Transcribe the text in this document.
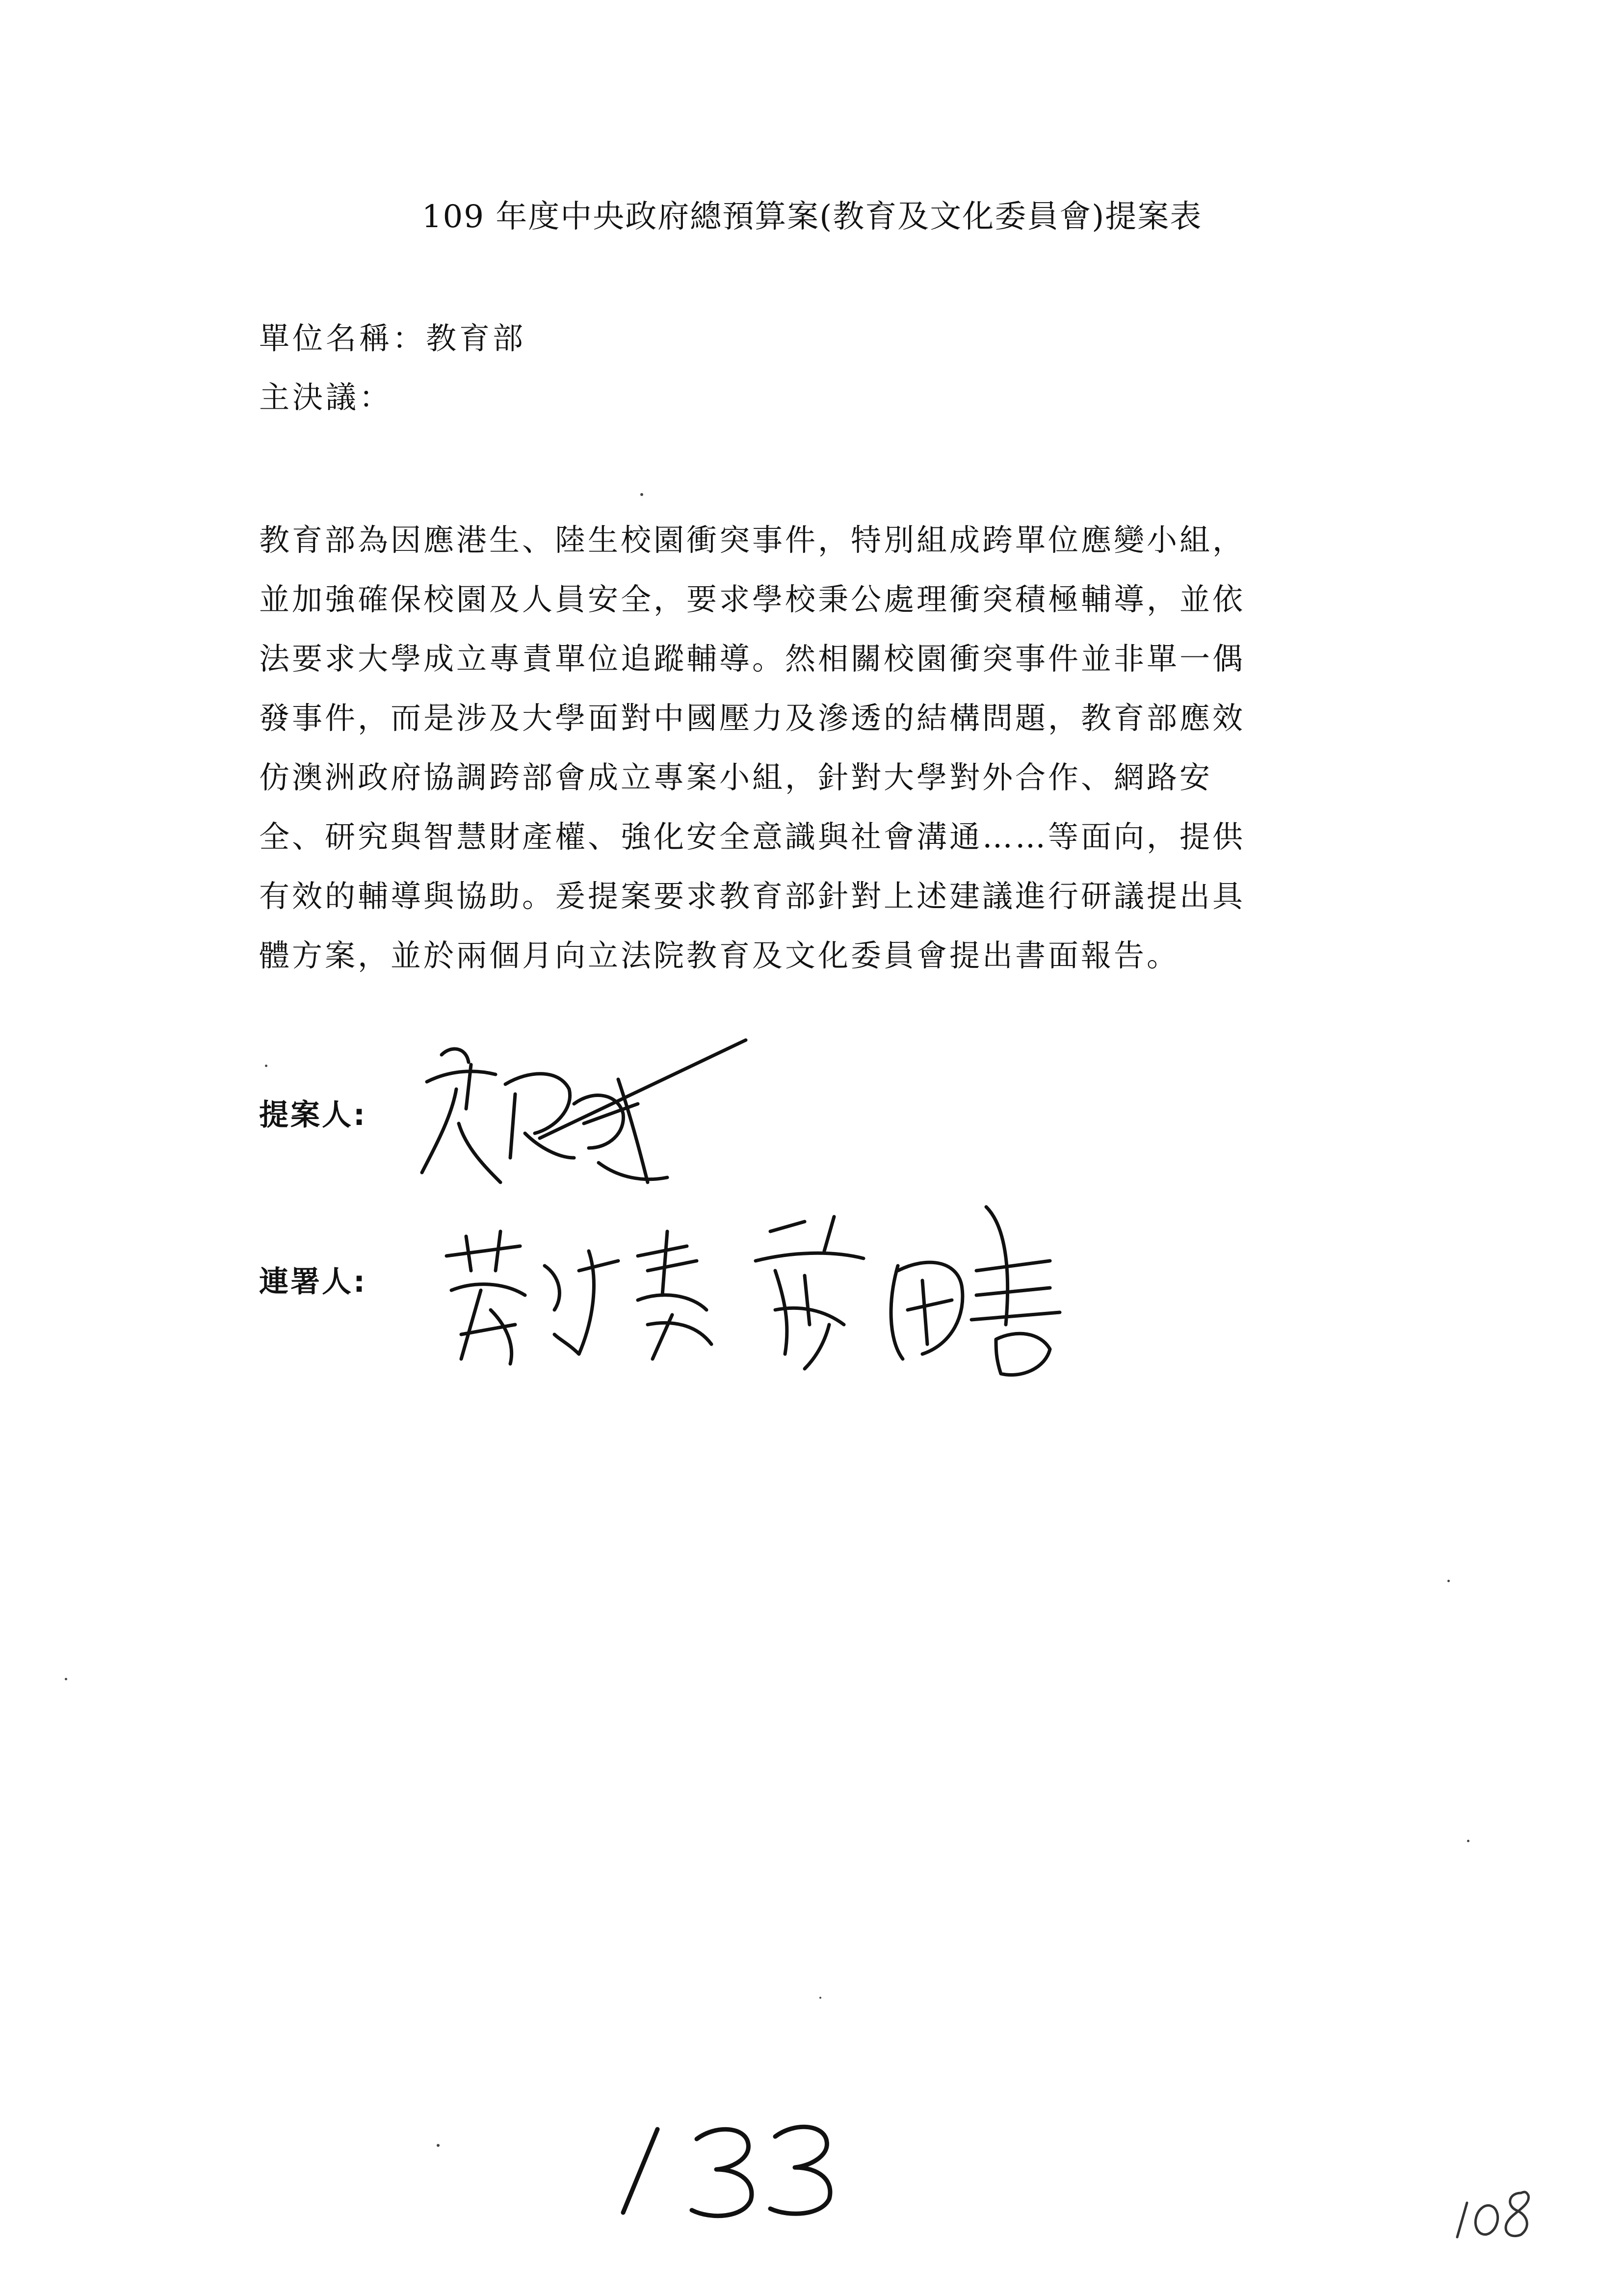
109 年度中央政府總預算案(教育及文化委員會)提案表
單位名稱：教育部
主決議：
教育部為因應港生、陸生校園衝突事件，特別組成跨單位應變小組，
並加強確保校園及人員安全，要求學校秉公處理衝突積極輔導，並依
法要求大學成立專責單位追蹤輔導。然相關校園衝突事件並非單一偶
發事件，而是涉及大學面對中國壓力及滲透的結構問題，教育部應效
仿澳洲政府協調跨部會成立專案小組，針對大學對外合作、網路安
全、研究與智慧財產權、強化安全意識與社會溝通……等面向，提供
有效的輔導與協助。爰提案要求教育部針對上述建議進行研議提出具
體方案，並於兩個月向立法院教育及文化委員會提出書面報告。
提案人:
連署人:
